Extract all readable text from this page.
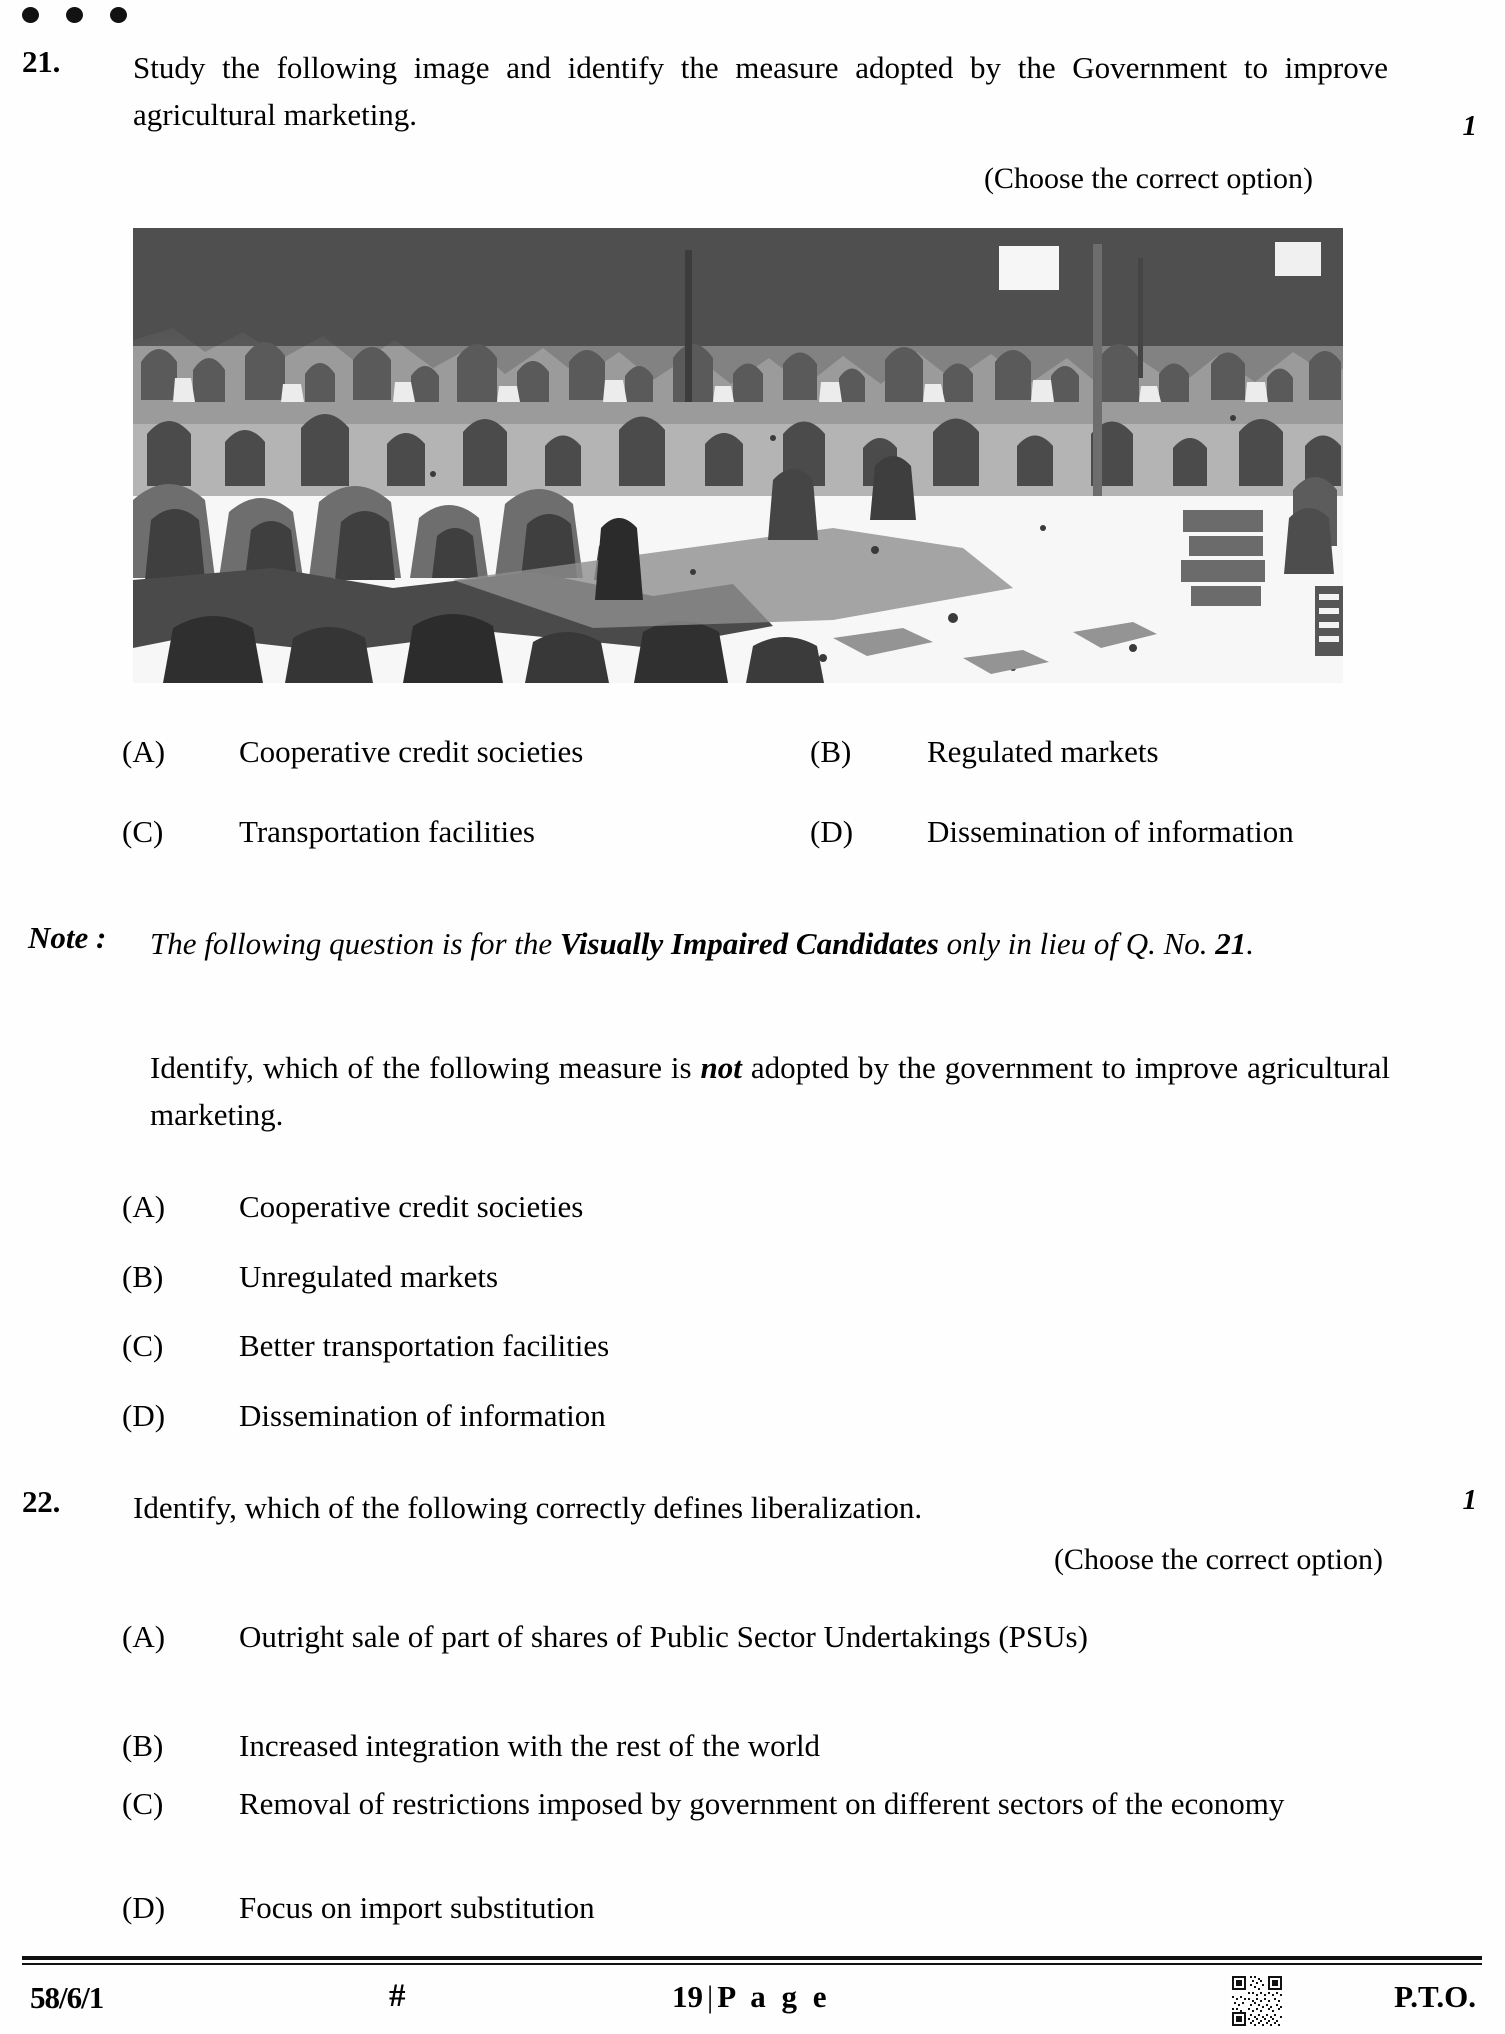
21. Study the following image and identify the measure adopted by the Government to improve agricultural marketing.	1
(Choose the correct option)
(A)	Cooperative credit societies	(B)	Regulated markets
(C)	Transportation facilities	(D)	Dissemination of information
Note : The following question is for the Visually Impaired Candidates only in lieu of Q. No. 21.
Identify, which of the following measure is not adopted by the government to improve agricultural marketing.
(A)	Cooperative credit societies
(B)	Unregulated markets
(C)	Better transportation facilities
(D)	Dissemination of information
22. Identify, which of the following correctly defines liberalization.	1
(Choose the correct option)
(A)	Outright sale of part of shares of Public Sector Undertakings (PSUs)
(B)	Increased integration with the rest of the world
(C)	Removal of restrictions imposed by government on different sectors of the economy
(D)	Focus on import substitution
58/6/1	#	19 | P a g e	P.T.O.
